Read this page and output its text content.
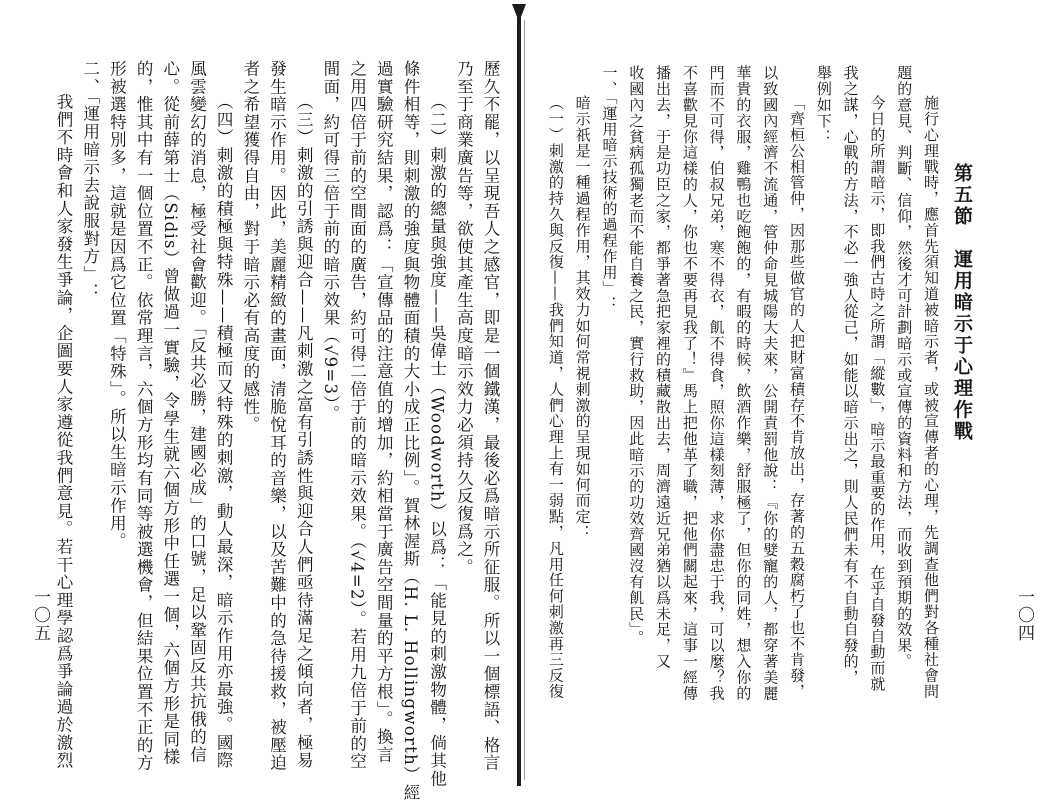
第五節　運用暗示于心理作戰
施行心理戰時，應首先須知道被暗示者，或被宣傳者的心理，先調查他們對各種社會問
題的意見、判斷、信仰，然後才可計劃暗示或宣傳的資料和方法，而收到預期的效果。
今日的所謂暗示，即我們古時之所謂「縱數」，暗示最重要的作用，在乎自發自動而就
我之謀，心戰的方法，不必一強人從己，如能以暗示出之，則人民們未有不自動自發的，
舉例如下：
「齊桓公相管仲，因那些做官的人把財富積存不肯放出，存著的五穀腐朽了也不肯發，
以致國內經濟不流通，管仲命見城陽大夫來，公開責罰他說：『你的嬖寵的人，都穿著美麗
華貴的衣服，雞鴨也吃飽飽的，有暇的時候，飲酒作樂，舒服極了，但你的同姓，想入你的
門而不可得，伯叔兄弟，寒不得衣，飢不得食，照你這樣刻薄，求你盡忠于我，可以麼？我
不喜歡見你這樣的人，你也不要再見我了！』馬上把他革了職，把他們關起來，這事一經傳
播出去，于是功臣之家，都爭著急把家裡的積藏散出去，周濟遠近兄弟猶以爲未足，又
收國內之貧病孤獨老而不能自養之民，實行救助，因此暗示的功效齊國沒有飢民」。
一、「運用暗示技術的過程作用」：
暗示祇是一種過程作用，其效力如何常視刺激的呈現如何而定：
（一）刺激的持久與反復——我們知道，人們心理上有一弱點，凡用任何刺激再三反復	一〇四
歷久不罷，以呈現吾人之感官，即是一個鐵漢，最後必爲暗示所征服。所以一個標語、格言
乃至于商業廣告等，欲使其產生高度暗示效力必須持久反復爲之。
（二）刺激的總量與強度——吳偉士（Woodworth）以爲：「能見的刺激物體，倘其他
條件相等，則刺激的強度與物體面積的大小成正比例」。賀林渥斯（H. L. Hollingworth）經
過實驗研究結果，認爲：「宣傳品的注意值的增加，約相當于廣告空間量的平方根」。換言
之用四倍于前的空間面的廣告，約可得二倍于前的暗示效果。（√4=2）。若用九倍于前的空
間面，約可得三倍于前的暗示效果（√9=3）。
（三）刺激的引誘與迎合——凡刺激之富有引誘性與迎合人們亟待滿足之傾向者，極易
發生暗示作用。因此，美麗精緻的畫面，清脆悅耳的音樂，以及苦難中的急待援救，被壓迫
者之希望獲得自由，對于暗示必有高度的感性。
（四）刺激的積極與特殊——積極而又特殊的刺激，動人最深，暗示作用亦最強。國際
風雲變幻的消息，極受社會歡迎。「反共必勝，建國必成」的口號，足以鞏固反共抗俄的信
心。從前薛第士（Sidis）曾做過一實驗，令學生就六個方形中任選一個，六個方形是同樣
的，惟其中有一個位置不正。依常理言，六個方形均有同等被選機會，但結果位置不正的方
形被選特別多，這就是因爲它位置「特殊」。所以生暗示作用。
二、「運用暗示去說服對方」：
我們不時會和人家發生爭論，企圖要人家遵從我們意見。若干心理學認爲爭論過於激烈
一〇五
